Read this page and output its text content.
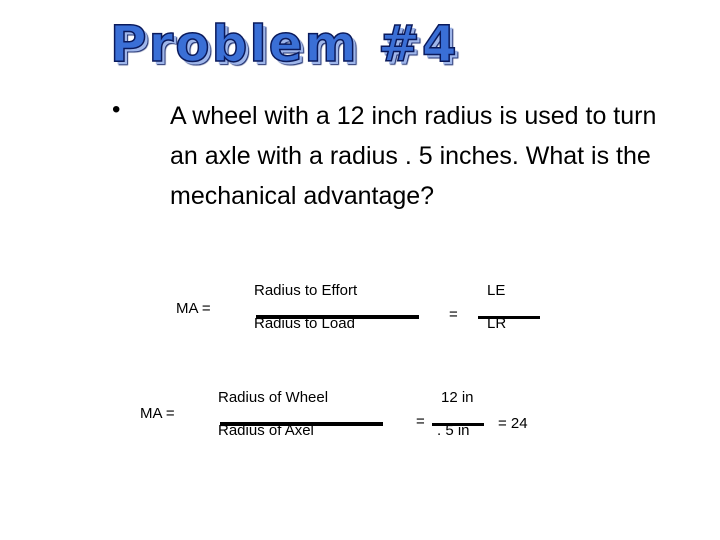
Problem #4
• A wheel with a 12 inch radius is used to turn an axle with a radius . 5 inches. What is the mechanical advantage?
MA =
Radius to Effort
Radius to Load
=
LE
LR
MA =
Radius of Wheel
Radius of Axel
=
12 in
. 5 in = 24
